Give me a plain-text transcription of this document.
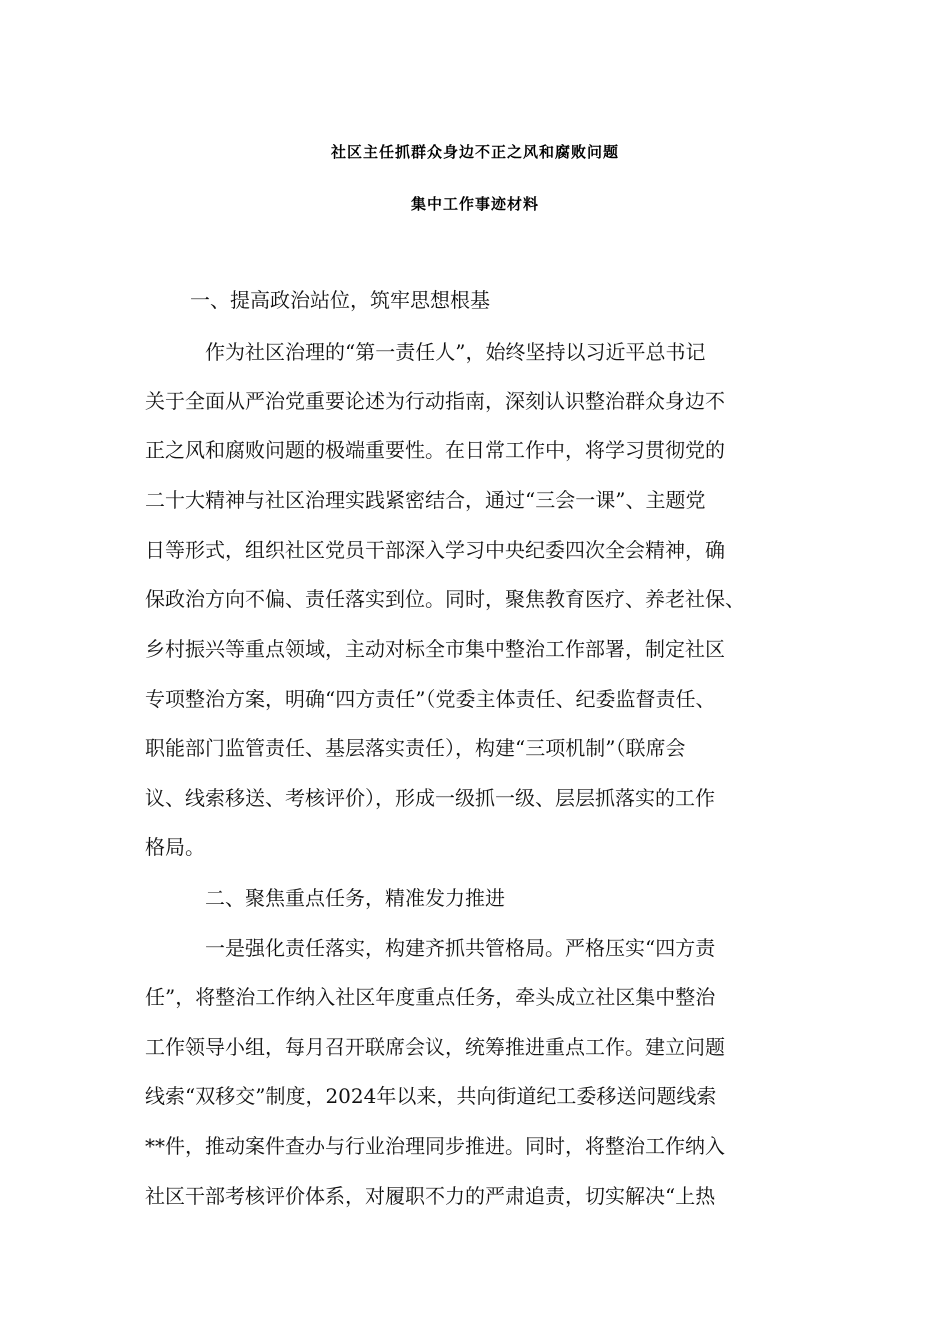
社区主任抓群众身边不正之风和腐败问题
集中工作事迹材料
一、提高政治站位，筑牢思想根基
作为社区治理的“第一责任人”，始终坚持以习近平总书记
关于全面从严治党重要论述为行动指南，深刻认识整治群众身边不
正之风和腐败问题的极端重要性。在日常工作中，将学习贯彻党的
二十大精神与社区治理实践紧密结合，通过“三会一课”、主题党
日等形式，组织社区党员干部深入学习中央纪委四次全会精神，确
保政治方向不偏、责任落实到位。同时，聚焦教育医疗、养老社保、
乡村振兴等重点领域，主动对标全市集中整治工作部署，制定社区
专项整治方案，明确“四方责任”（党委主体责任、纪委监督责任、
职能部门监管责任、基层落实责任），构建“三项机制”（联席会
议、线索移送、考核评价），形成一级抓一级、层层抓落实的工作
格局。
二、聚焦重点任务，精准发力推进
一是强化责任落实，构建齐抓共管格局。严格压实“四方责
任”，将整治工作纳入社区年度重点任务，牵头成立社区集中整治
工作领导小组，每月召开联席会议，统筹推进重点工作。建立问题
线索“双移交”制度，2024年以来，共向街道纪工委移送问题线索
**件，推动案件查办与行业治理同步推进。同时，将整治工作纳入
社区干部考核评价体系，对履职不力的严肃追责，切实解决“上热
